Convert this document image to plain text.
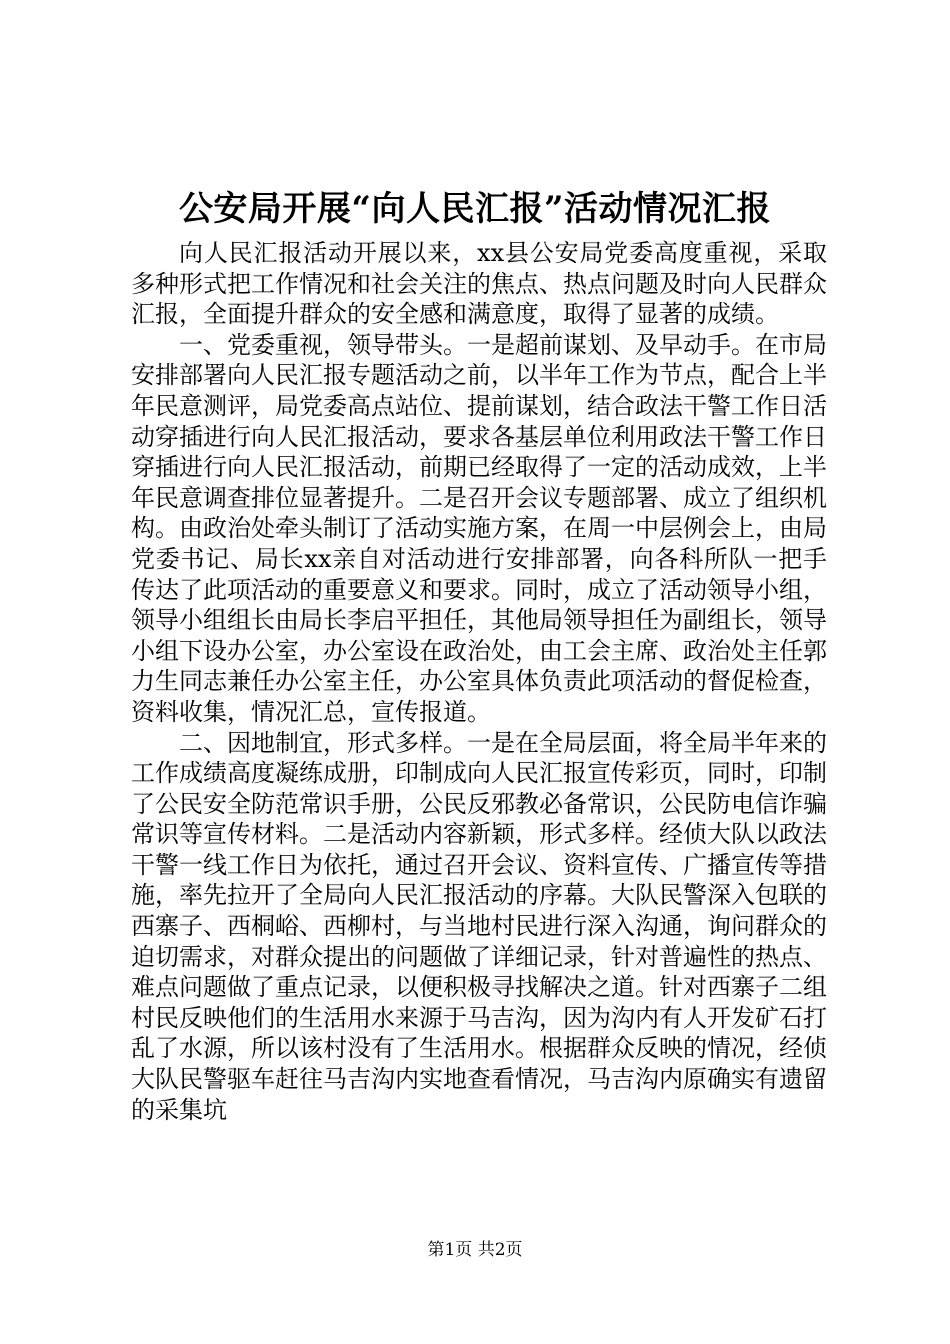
公安局开展“向人民汇报”活动情况汇报

向人民汇报活动开展以来，xx县公安局党委高度重视，采取多种形式把工作情况和社会关注的焦点、热点问题及时向人民群众汇报，全面提升群众的安全感和满意度，取得了显著的成绩。

一、党委重视，领导带头。一是超前谋划、及早动手。在市局安排部署向人民汇报专题活动之前，以半年工作为节点，配合上半年民意测评，局党委高点站位、提前谋划，结合政法干警工作日活动穿插进行向人民汇报活动，要求各基层单位利用政法干警工作日穿插进行向人民汇报活动，前期已经取得了一定的活动成效，上半年民意调查排位显著提升。二是召开会议专题部署、成立了组织机构。由政治处牵头制订了活动实施方案，在周一中层例会上，由局党委书记、局长xx亲自对活动进行安排部署，向各科所队一把手传达了此项活动的重要意义和要求。同时，成立了活动领导小组，领导小组组长由局长李启平担任，其他局领导担任为副组长，领导小组下设办公室，办公室设在政治处，由工会主席、政治处主任郭力生同志兼任办公室主任，办公室具体负责此项活动的督促检查，资料收集，情况汇总，宣传报道。

二、因地制宜，形式多样。一是在全局层面，将全局半年来的工作成绩高度凝练成册，印制成向人民汇报宣传彩页，同时，印制了公民安全防范常识手册，公民反邪教必备常识，公民防电信诈骗常识等宣传材料。二是活动内容新颖，形式多样。经侦大队以政法干警一线工作日为依托，通过召开会议、资料宣传、广播宣传等措施，率先拉开了全局向人民汇报活动的序幕。大队民警深入包联的西寨子、西桐峪、西柳村，与当地村民进行深入沟通，询问群众的迫切需求，对群众提出的问题做了详细记录，针对普遍性的热点、难点问题做了重点记录，以便积极寻找解决之道。针对西寨子二组村民反映他们的生活用水来源于马吉沟，因为沟内有人开发矿石打乱了水源，所以该村没有了生活用水。根据群众反映的情况，经侦大队民警驱车赶往马吉沟内实地查看情况，马吉沟内原确实有遗留的采集坑

第1页 共2页
